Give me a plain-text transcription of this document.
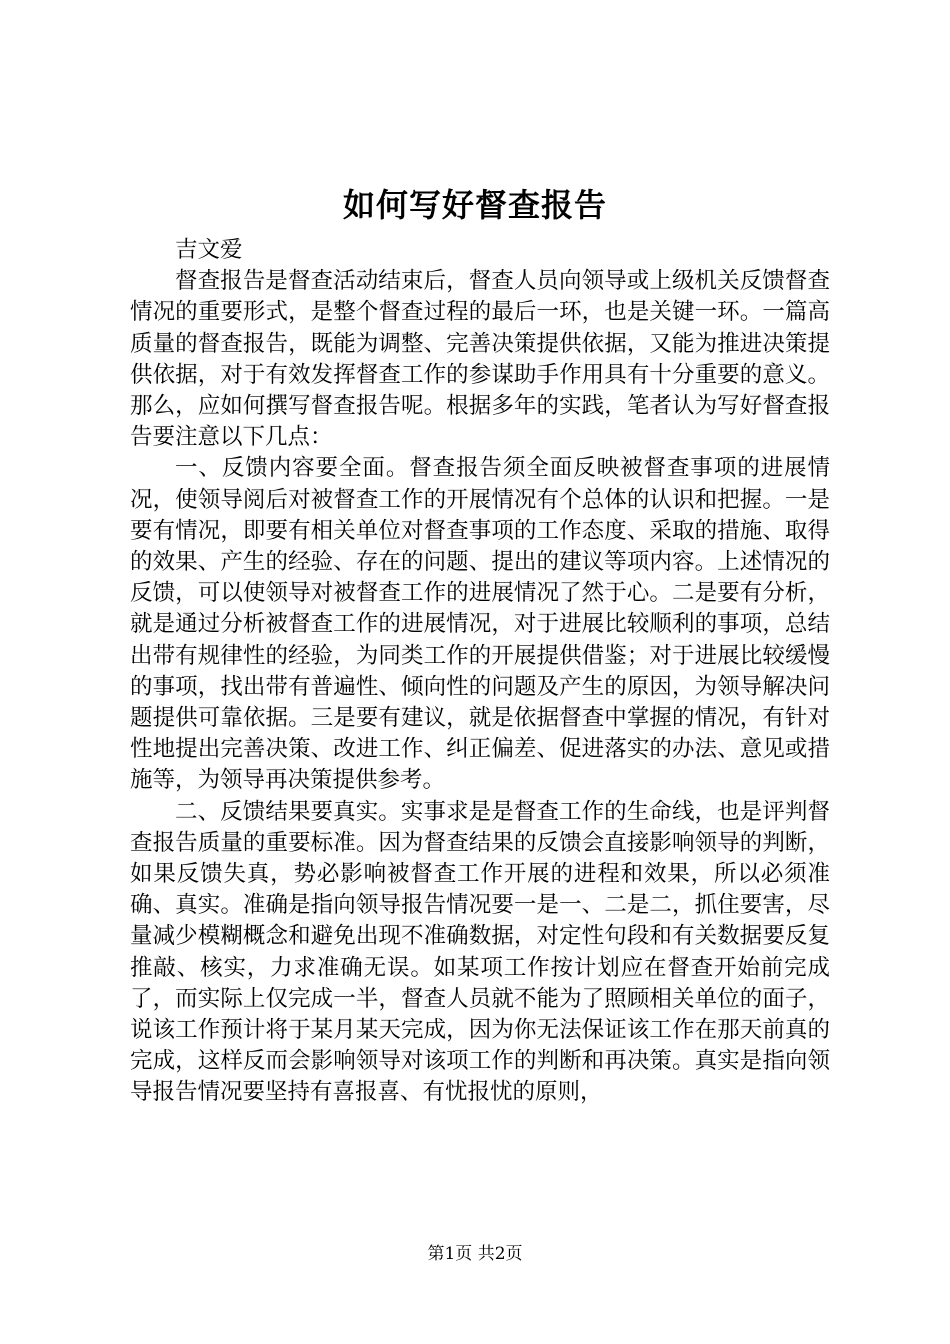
如何写好督查报告

吉文爱

督查报告是督查活动结束后，督查人员向领导或上级机关反馈督查情况的重要形式，是整个督查过程的最后一环，也是关键一环。一篇高质量的督查报告，既能为调整、完善决策提供依据，又能为推进决策提供依据，对于有效发挥督查工作的参谋助手作用具有十分重要的意义。那么，应如何撰写督查报告呢。根据多年的实践，笔者认为写好督查报告要注意以下几点：

一、反馈内容要全面。督查报告须全面反映被督查事项的进展情况，使领导阅后对被督查工作的开展情况有个总体的认识和把握。一是要有情况，即要有相关单位对督查事项的工作态度、采取的措施、取得的效果、产生的经验、存在的问题、提出的建议等项内容。上述情况的反馈，可以使领导对被督查工作的进展情况了然于心。二是要有分析，就是通过分析被督查工作的进展情况，对于进展比较顺利的事项，总结出带有规律性的经验，为同类工作的开展提供借鉴；对于进展比较缓慢的事项，找出带有普遍性、倾向性的问题及产生的原因，为领导解决问题提供可靠依据。三是要有建议，就是依据督查中掌握的情况，有针对性地提出完善决策、改进工作、纠正偏差、促进落实的办法、意见或措施等，为领导再决策提供参考。

二、反馈结果要真实。实事求是是督查工作的生命线，也是评判督查报告质量的重要标准。因为督查结果的反馈会直接影响领导的判断，如果反馈失真，势必影响被督查工作开展的进程和效果，所以必须准确、真实。准确是指向领导报告情况要一是一、二是二，抓住要害，尽量减少模糊概念和避免出现不准确数据，对定性句段和有关数据要反复推敲、核实，力求准确无误。如某项工作按计划应在督查开始前完成了，而实际上仅完成一半，督查人员就不能为了照顾相关单位的面子，说该工作预计将于某月某天完成，因为你无法保证该工作在那天前真的完成，这样反而会影响领导对该项工作的判断和再决策。真实是指向领导报告情况要坚持有喜报喜、有忧报忧的原则，

第1页 共2页
